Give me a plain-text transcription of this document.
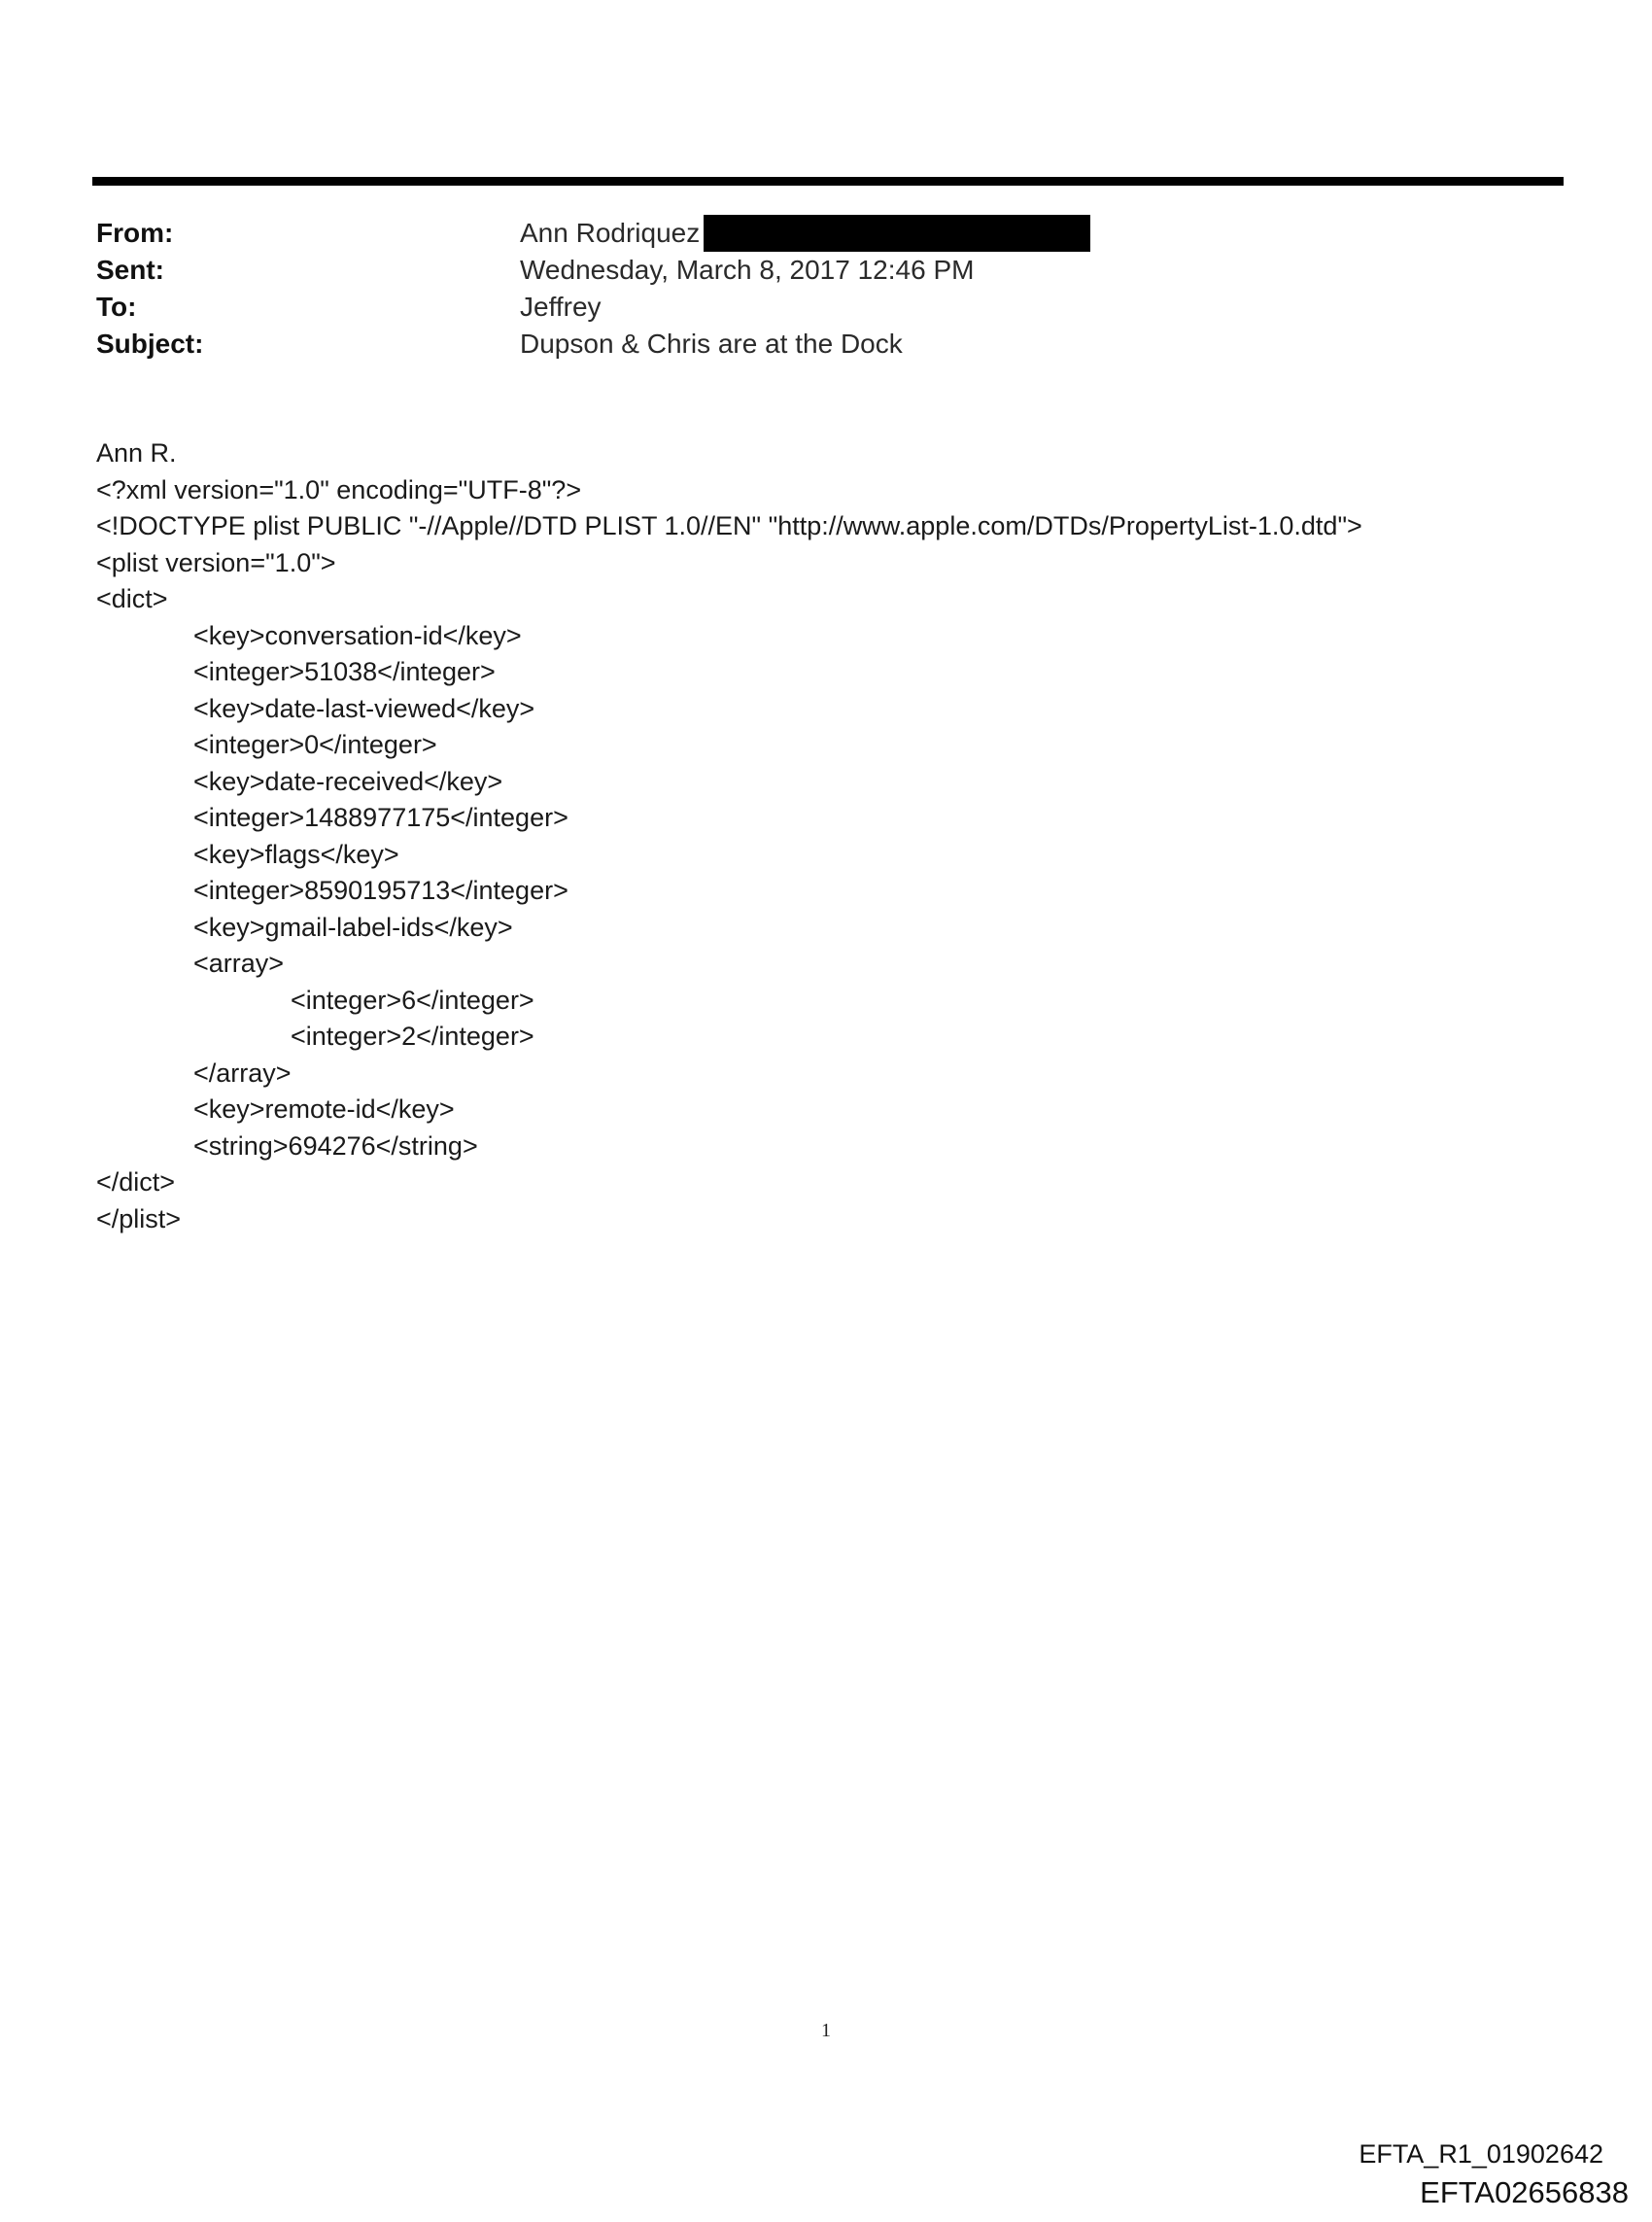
From:	Ann Rodriquez
Sent:	Wednesday, March 8, 2017 12:46 PM
To:	Jeffrey
Subject:	Dupson & Chris are at the Dock
Ann R.
<?xml version="1.0" encoding="UTF-8"?>
<!DOCTYPE plist PUBLIC "-//Apple//DTD PLIST 1.0//EN" "http://www.apple.com/DTDs/PropertyList-1.0.dtd">
<plist version="1.0">
<dict>
<key>conversation-id</key>
<integer>51038</integer>
<key>date-last-viewed</key>
<integer>0</integer>
<key>date-received</key>
<integer>1488977175</integer>
<key>flags</key>
<integer>8590195713</integer>
<key>gmail-label-ids</key>
<array>
<integer>6</integer>
<integer>2</integer>
</array>
<key>remote-id</key>
<string>694276</string>
</dict>
</plist>
1
EFTA_R1_01902642
EFTA02656838
